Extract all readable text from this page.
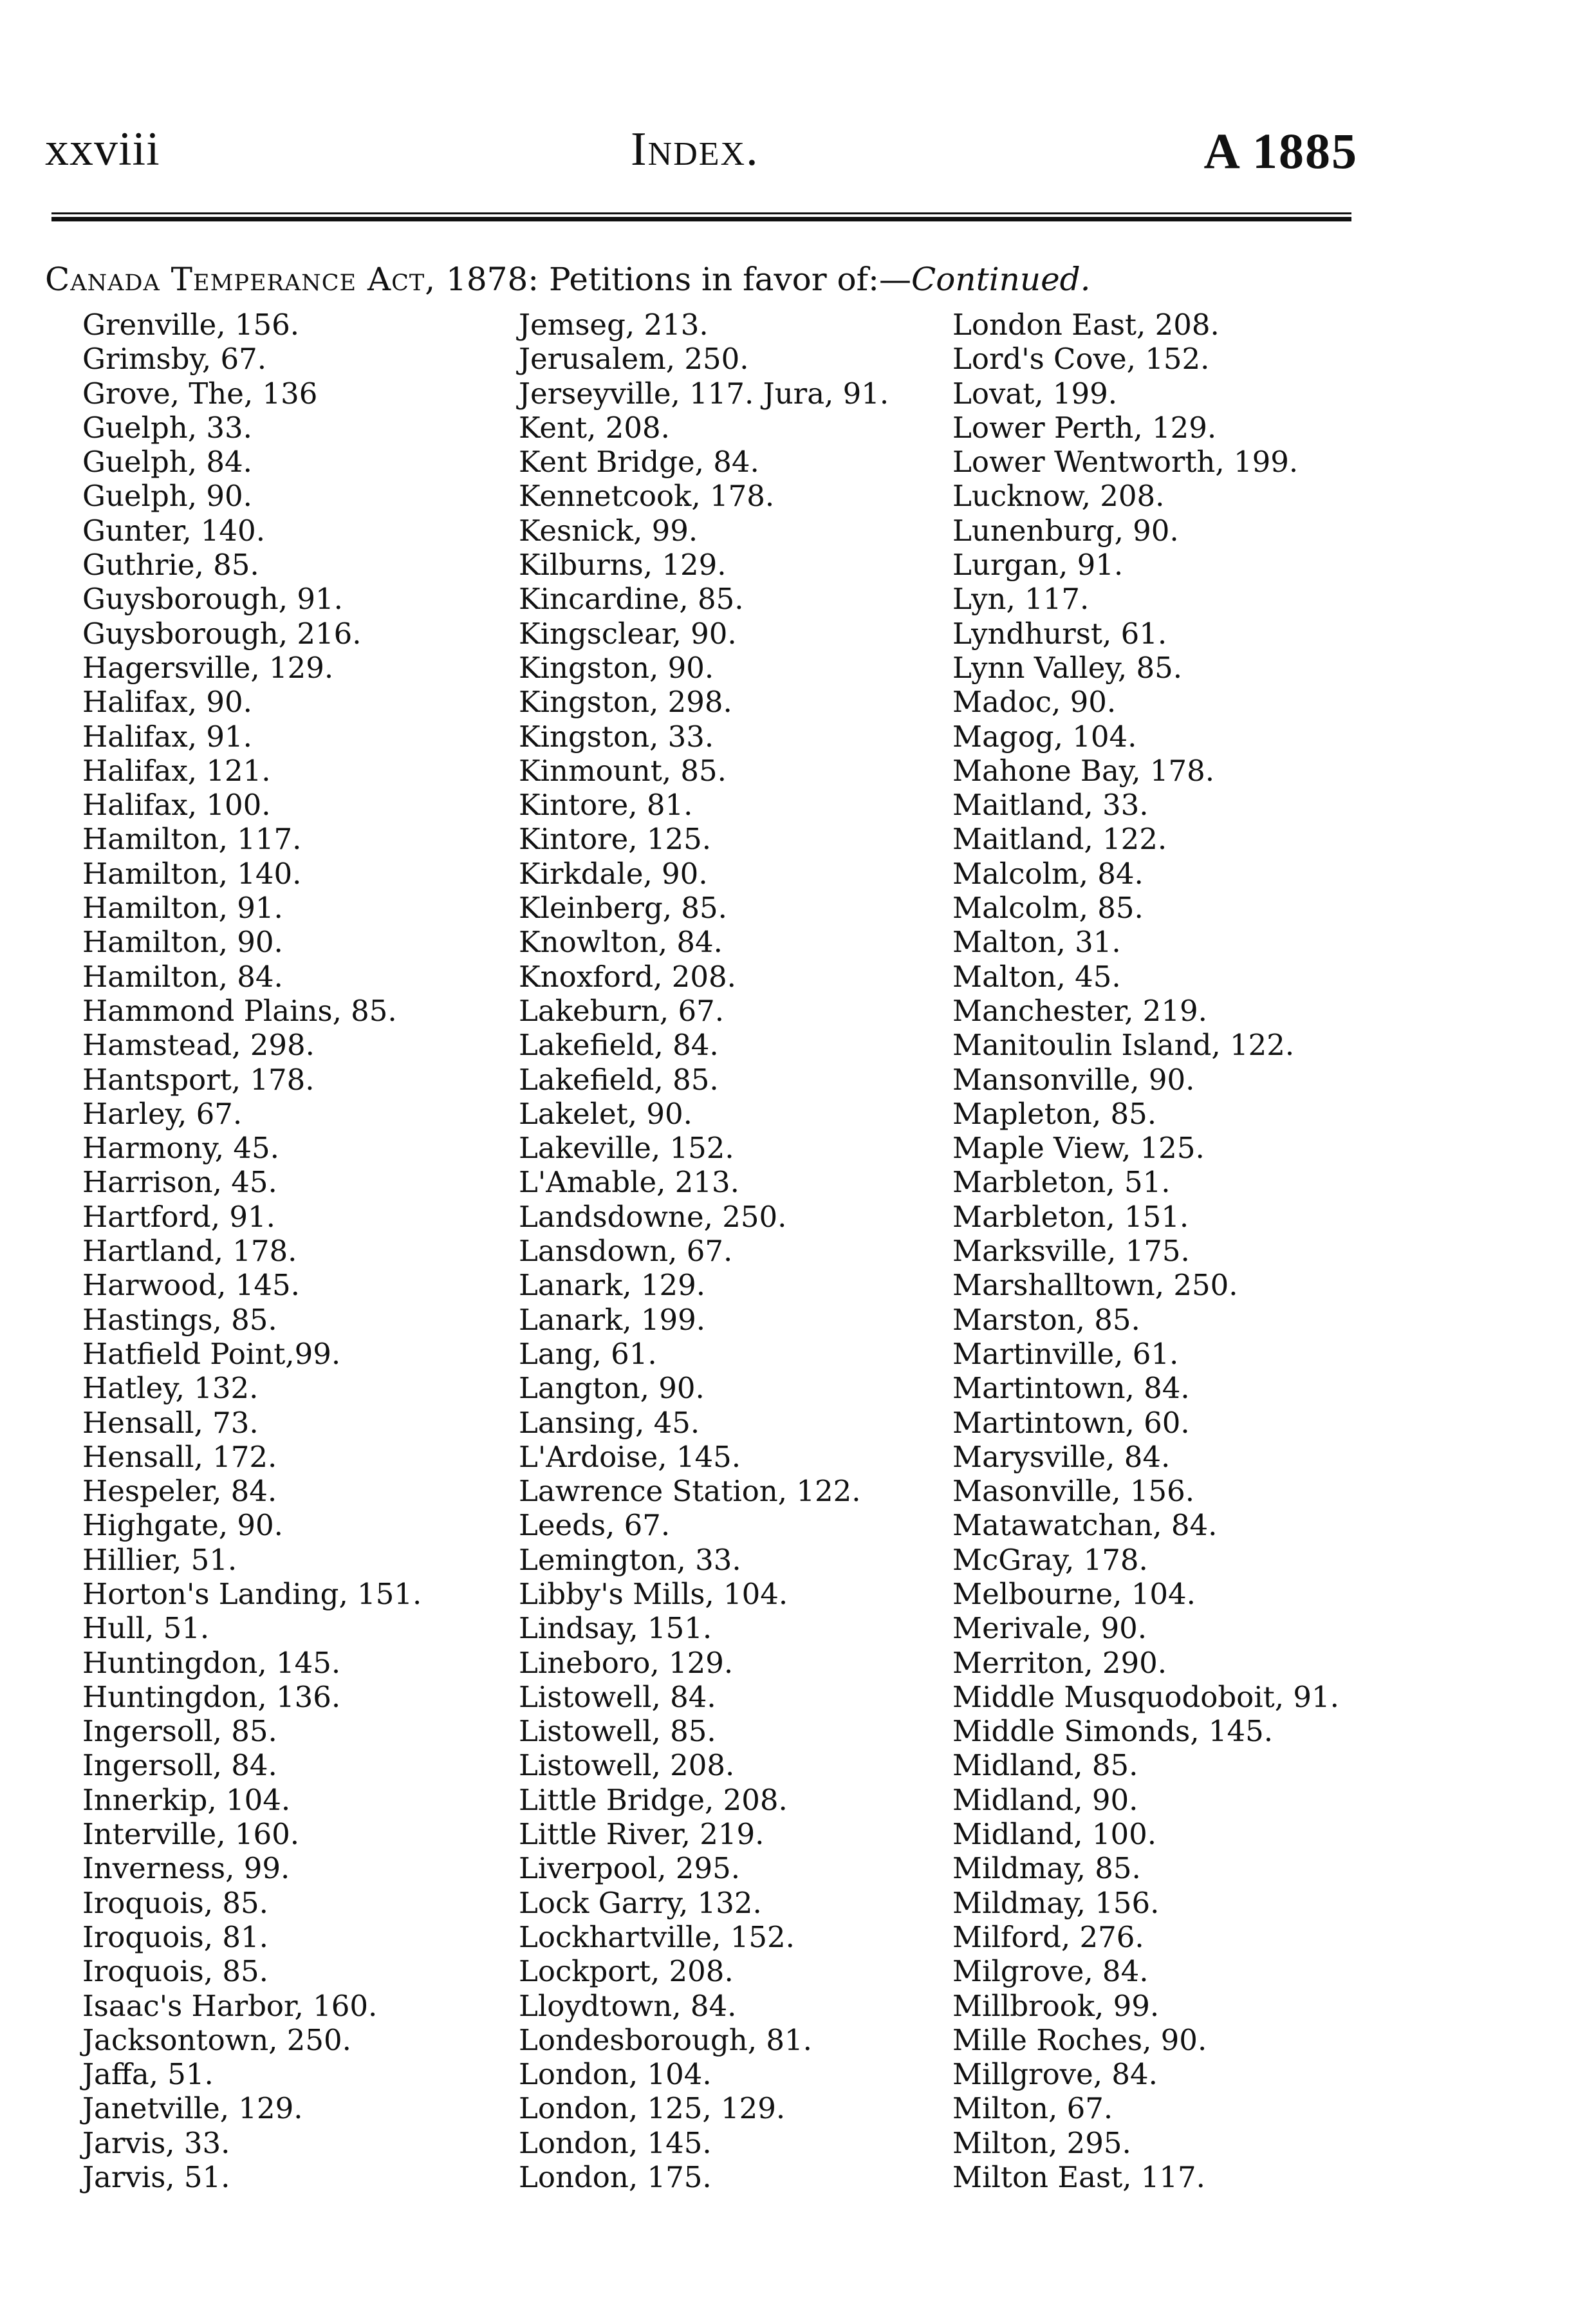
xxviii	Index.	A 1885
Canada Temperance Act, 1878: Petitions in favor of:—Continued.
Grenville, 156.
Grimsby, 67.
Grove, The, 136
Guelph, 33.
Guelph, 84.
Guelph, 90.
Gunter, 140.
Guthrie, 85.
Guysborough, 91.
Guysborough, 216.
Hagersville, 129.
Halifax, 90.
Halifax, 91.
Halifax, 121.
Halifax, 100.
Hamilton, 117.
Hamilton, 140.
Hamilton, 91.
Hamilton, 90.
Hamilton, 84.
Hammond Plains, 85.
Hamstead, 298.
Hantsport, 178.
Harley, 67.
Harmony, 45.
Harrison, 45.
Hartford, 91.
Hartland, 178.
Harwood, 145.
Hastings, 85.
Hatfield Point,99.
Hatley, 132.
Hensall, 73.
Hensall, 172.
Hespeler, 84.
Highgate, 90.
Hillier, 51.
Horton's Landing, 151.
Hull, 51.
Huntingdon, 145.
Huntingdon, 136.
Ingersoll, 85.
Ingersoll, 84.
Innerkip, 104.
Interville, 160.
Inverness, 99.
Iroquois, 85.
Iroquois, 81.
Iroquois, 85.
Isaac's Harbor, 160.
Jacksontown, 250.
Jaffa, 51.
Janetville, 129.
Jarvis, 33.
Jarvis, 51.
Jemseg, 213.
Jerusalem, 250.
Jerseyville, 117. Jura, 91.
Kent, 208.
Kent Bridge, 84.
Kennetcook, 178.
Kesnick, 99.
Kilburns, 129.
Kincardine, 85.
Kingsclear, 90.
Kingston, 90.
Kingston, 298.
Kingston, 33.
Kinmount, 85.
Kintore, 81.
Kintore, 125.
Kirkdale, 90.
Kleinberg, 85.
Knowlton, 84.
Knoxford, 208.
Lakeburn, 67.
Lakefield, 84.
Lakefield, 85.
Lakelet, 90.
Lakeville, 152.
L'Amable, 213.
Landsdowne, 250.
Lansdown, 67.
Lanark, 129.
Lanark, 199.
Lang, 61.
Langton, 90.
Lansing, 45.
L'Ardoise, 145.
Lawrence Station, 122.
Leeds, 67.
Lemington, 33.
Libby's Mills, 104.
Lindsay, 151.
Lineboro, 129.
Listowell, 84.
Listowell, 85.
Listowell, 208.
Little Bridge, 208.
Little River, 219.
Liverpool, 295.
Lock Garry, 132.
Lockhartville, 152.
Lockport, 208.
Lloydtown, 84.
Londesborough, 81.
London, 104.
London, 125, 129.
London, 145.
London, 175.
London East, 208.
Lord's Cove, 152.
Lovat, 199.
Lower Perth, 129.
Lower Wentworth, 199.
Lucknow, 208.
Lunenburg, 90.
Lurgan, 91.
Lyn, 117.
Lyndhurst, 61.
Lynn Valley, 85.
Madoc, 90.
Magog, 104.
Mahone Bay, 178.
Maitland, 33.
Maitland, 122.
Malcolm, 84.
Malcolm, 85.
Malton, 31.
Malton, 45.
Manchester, 219.
Manitoulin Island, 122.
Mansonville, 90.
Mapleton, 85.
Maple View, 125.
Marbleton, 51.
Marbleton, 151.
Marksville, 175.
Marshalltown, 250.
Marston, 85.
Martinville, 61.
Martintown, 84.
Martintown, 60.
Marysville, 84.
Masonville, 156.
Matawatchan, 84.
McGray, 178.
Melbourne, 104.
Merivale, 90.
Merriton, 290.
Middle Musquodoboit, 91.
Middle Simonds, 145.
Midland, 85.
Midland, 90.
Midland, 100.
Mildmay, 85.
Mildmay, 156.
Milford, 276.
Milgrove, 84.
Millbrook, 99.
Mille Roches, 90.
Millgrove, 84.
Milton, 67.
Milton, 295.
Milton East, 117.
